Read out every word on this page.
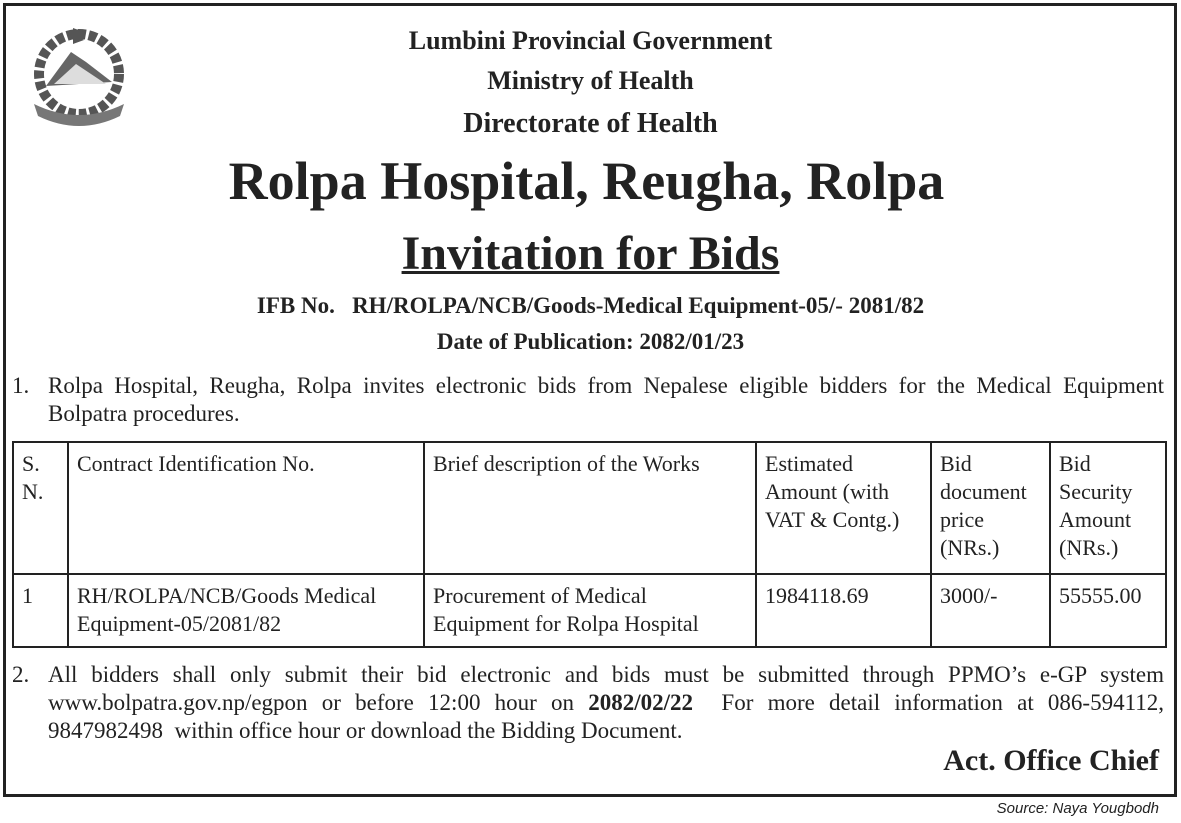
Lumbini Provincial Government
Ministry of Health
Directorate of Health
Rolpa Hospital, Reugha, Rolpa
Invitation for Bids
IFB No.   RH/ROLPA/NCB/Goods-Medical Equipment-05/- 2081/82
Date of Publication: 2082/01/23
1. Rolpa Hospital, Reugha, Rolpa invites electronic bids from Nepalese eligible bidders for the Medical Equipment Bolpatra procedures.
S. N.	Contract Identification No.	Brief description of the Works	Estimated Amount (with VAT & Contg.)	Bid document price (NRs.)	Bid Security Amount (NRs.)
1	RH/ROLPA/NCB/Goods Medical Equipment-05/2081/82	Procurement of Medical Equipment for Rolpa Hospital	1984118.69	3000/-	55555.00
2. All bidders shall only submit their bid electronic and bids must be submitted through PPMO’s e-GP system www.bolpatra.gov.np/egpon or before 12:00 hour on 2082/02/22  For more detail information at 086-594112, 9847982498  within office hour or download the Bidding Document.
Act. Office Chief
Source: Naya Yougbodh
